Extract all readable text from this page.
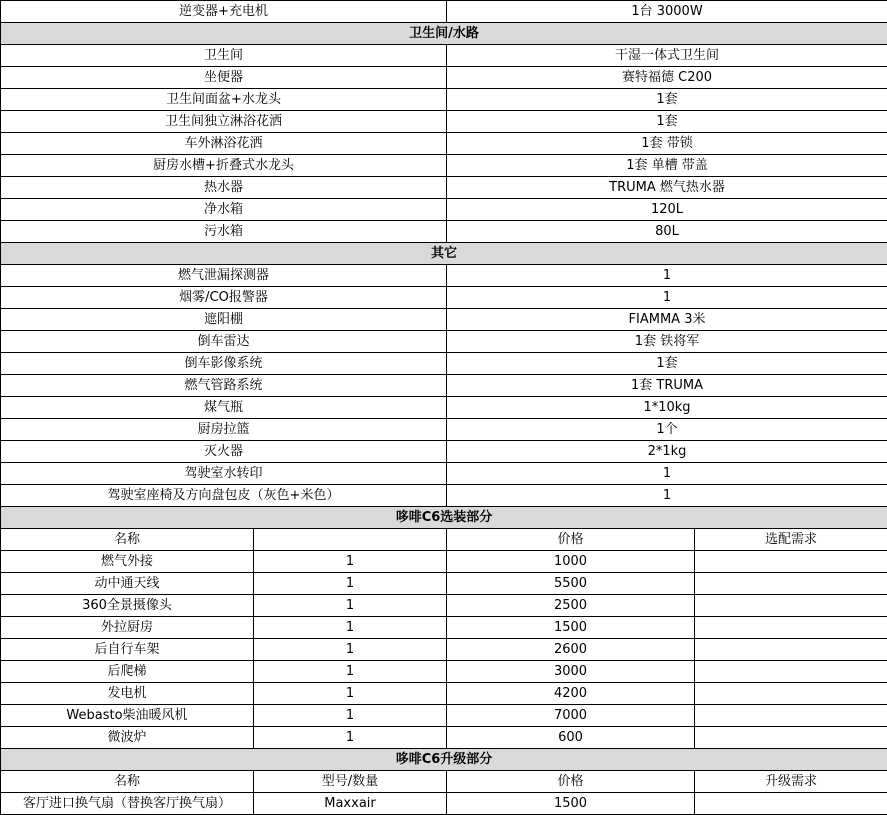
逆变器+充电机		1台 3000W	
卫生间/水路			
卫生间		干湿一体式卫生间	
坐便器		赛特福德 C200	
卫生间面盆+水龙头		1套	
卫生间独立淋浴花洒		1套	
车外淋浴花洒		1套 带锁	
厨房水槽+折叠式水龙头		1套 单槽 带盖	
热水器		TRUMA 燃气热水器	
净水箱		120L	
污水箱		80L	
其它			
燃气泄漏探测器		1	
烟雾/CO报警器		1	
遮阳棚		FIAMMA 3米	
倒车雷达		1套 铁将军	
倒车影像系统		1套	
燃气管路系统		1套 TRUMA	
煤气瓶		1*10kg	
厨房拉篮		1个	
灭火器		2*1kg	
驾驶室水转印		1	
驾驶室座椅及方向盘包皮（灰色+米色）		1	
哆啡C6选装部分			
名称		价格	选配需求
燃气外接	1	1000	
动中通天线	1	5500	
360全景摄像头	1	2500	
外拉厨房	1	1500	
后自行车架	1	2600	
后爬梯	1	3000	
发电机	1	4200	
Webasto柴油暖风机	1	7000	
微波炉	1	600	
哆啡C6升级部分			
名称	型号/数量	价格	升级需求
客厅进口换气扇（替换客厅换气扇）	Maxxair	1500	
